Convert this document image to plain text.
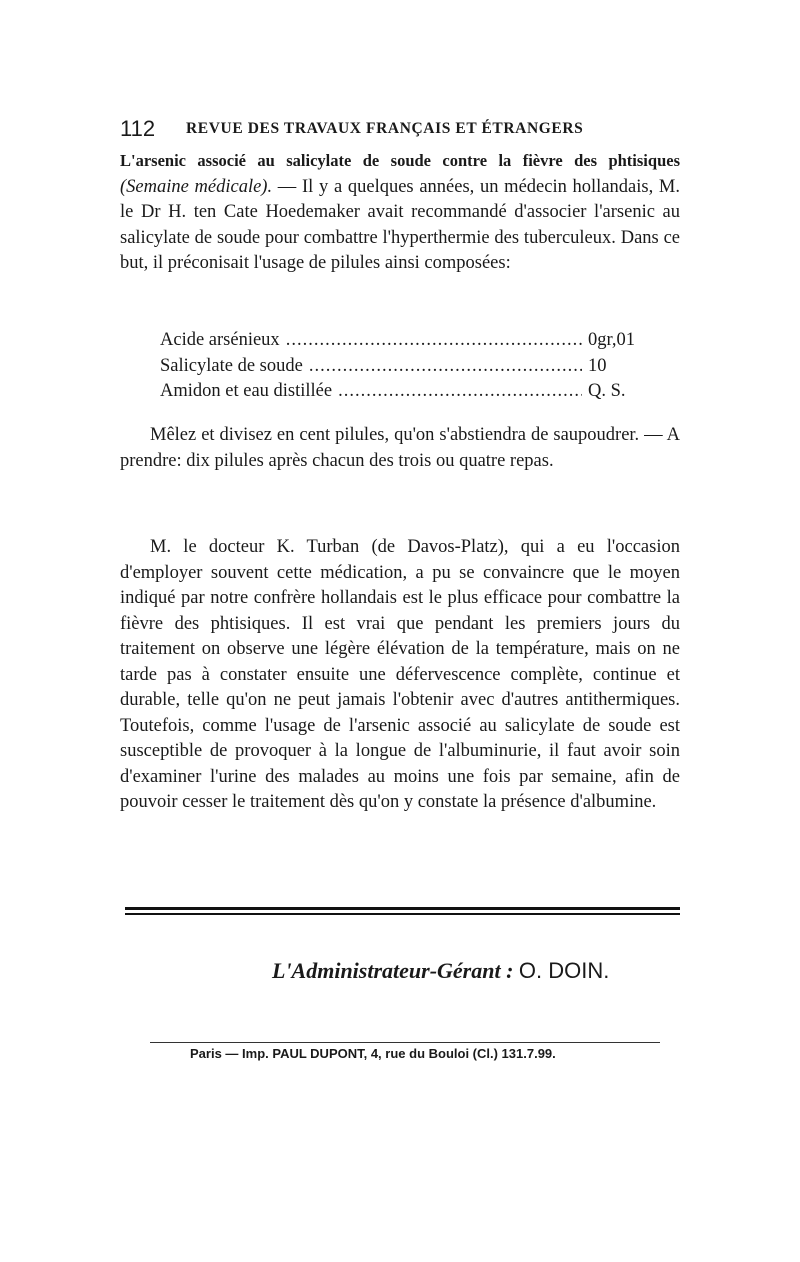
112 REVUE DES TRAVAUX FRANÇAIS ET ÉTRANGERS

L'arsenic associé au salicylate de soude contre la fièvre des phtisiques (Semaine médicale). — Il y a quelques années, un médecin hollandais, M. le Dr H. ten Cate Hoedemaker avait recommandé d'associer l'arsenic au salicylate de soude pour combattre l'hyperthermie des tuberculeux. Dans ce but, il préconisait l'usage de pilules ainsi composées:

Acide arsénieux .....	0gr,01
Salicylate de soude .....	10
Amidon et eau distillée .....	Q. S.

Mêlez et divisez en cent pilules, qu'on s'abstiendra de saupoudrer. — A prendre: dix pilules après chacun des trois ou quatre repas.

M. le docteur K. Turban (de Davos-Platz), qui a eu l'occasion d'employer souvent cette médication, a pu se convaincre que le moyen indiqué par notre confrère hollandais est le plus efficace pour combattre la fièvre des phtisiques. Il est vrai que pendant les premiers jours du traitement on observe une légère élévation de la température, mais on ne tarde pas à constater ensuite une défervescence complète, continue et durable, telle qu'on ne peut jamais l'obtenir avec d'autres antithermiques. Toutefois, comme l'usage de l'arsenic associé au salicylate de soude est susceptible de provoquer à la longue de l'albuminurie, il faut avoir soin d'examiner l'urine des malades au moins une fois par semaine, afin de pouvoir cesser le traitement dès qu'on y constate la présence d'albumine.

L'Administrateur-Gérant : O. DOIN.
Paris — Imp. PAUL DUPONT, 4, rue du Bouloi (Cl.) 131.7.99.
